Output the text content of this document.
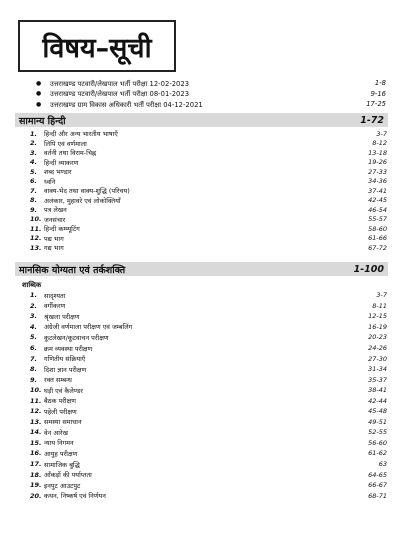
विषय–सूची
●	उत्तराखण्ड पटवारी/लेखपाल भर्ती परीक्षा 12-02-2023	1-8
●	उत्तराखण्ड पटवारी/लेखपाल भर्ती परीक्षा 08-01-2023	9-16
●	उत्तराखण्ड ग्राम विकास अधिकारी भर्ती परीक्षा 04-12-2021	17-25
सामान्य हिन्दी	1-72
1.	हिन्दी और अन्य भारतीय भाषाएँ	3-7
2.	लिपि एवं वर्णमाला	8-12
3.	वर्तनी तथा विराम-चिह्न	13-18
4.	हिन्दी व्याकरण	19-26
5.	शब्द भण्डार	27-33
6.	ध्वनि	34-36
7.	वाक्य-भेद तथा वाक्य-शुद्धि (परिचय)	37-41
8.	अलंकार, मुहावरे एवं लोकोक्तियाँ	42-45
9.	पत्र लेखन	46-54
10. जनसंचार	55-57
11. हिन्दी कम्प्यूटिंग	58-60
12. पद्य भाग	61-66
13. गद्य भाग	67-72
मानसिक योग्यता एवं तर्कशक्ति	1-100
शाब्दिक
1.	सादृश्यता	3-7
2.	वर्गीकरण	8-11
3.	श्रृंखला परीक्षण	12-15
4.	अंग्रेजी वर्णमाला परीक्षण एवं जम्बलिंग	16-19
5.	कूटलेखन/कूटवाचन परीक्षण	20-23
6.	क्रम व्यवस्था परीक्षण	24-26
7.	गणितीय संक्रियाएँ	27-30
8.	दिशा ज्ञान परीक्षण	31-34
9.	रक्त सम्बन्ध	35-37
10. घड़ी एवं कैलेण्डर	38-41
11. बैठक परीक्षण	42-44
12. पहेली परीक्षण	45-48
13. समस्या समाधान	49-51
14. वेन आरेख	52-55
15. न्याय निगमन	56-60
16. आयुह परीक्षण	61-62
17. सामाजिक बुद्धि	63
18. आँकड़ों की पर्याप्तता	64-65
19. इनपुट आउटपुट	66-67
20. कथन, निष्कर्ष एवं निर्णयन	68-71
